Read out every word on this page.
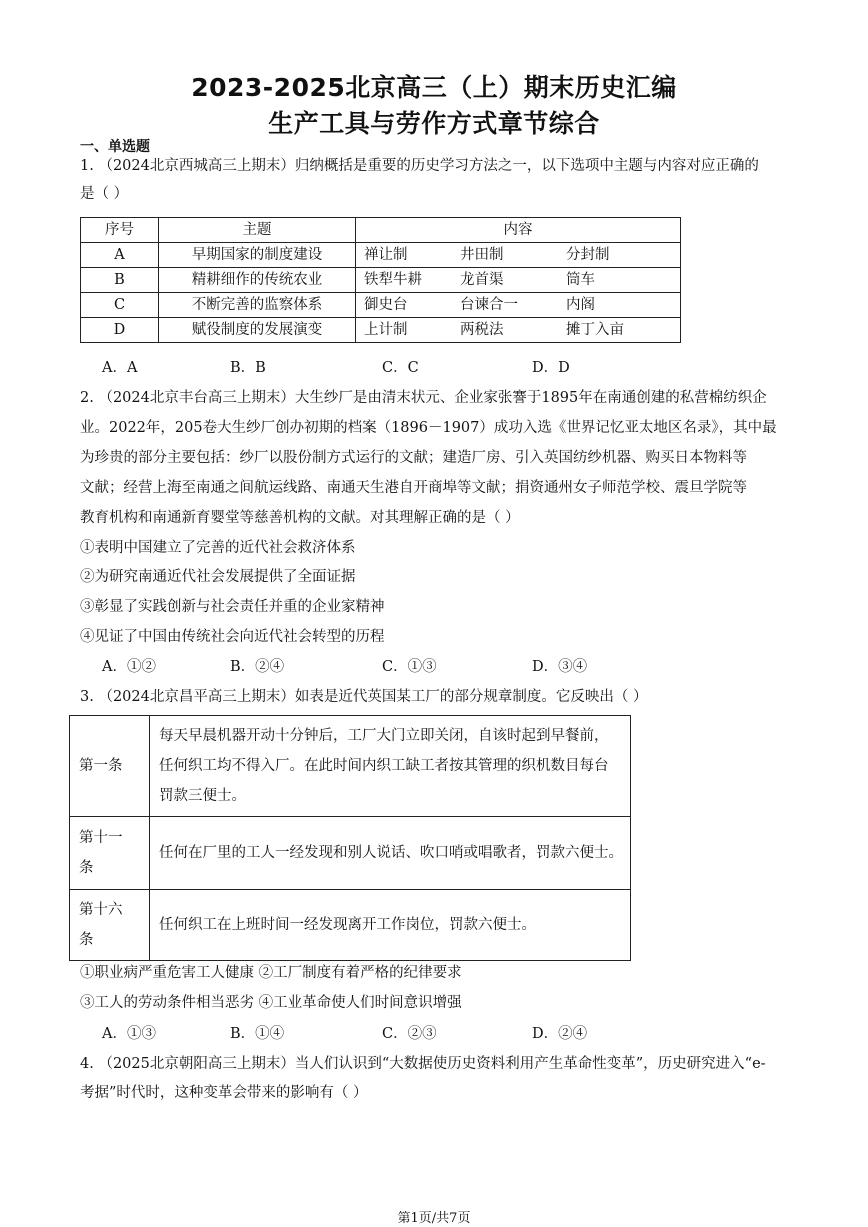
2023-2025北京高三（上）期末历史汇编
生产工具与劳作方式章节综合
一、单选题
1. （2024北京西城高三上期末）归纳概括是重要的历史学习方法之一，以下选项中主题与内容对应正确的
是（ ）
序号	主题	内容
A	早期国家的制度建设	禅让制 井田制 分封制

B	精耕细作的传统农业	铁犁牛耕 龙首渠 筒车

C	不断完善的监察体系	御史台 台谏合一 内阁

D	赋役制度的发展演变	上计制 两税法 摊丁入亩
A．A	B．B	C．C	D．D
2. （2024北京丰台高三上期末）大生纱厂是由清末状元、企业家张謇于1895年在南通创建的私营棉纺织企
业。2022年，205卷大生纱厂创办初期的档案（1896－1907）成功入选《世界记忆亚太地区名录》，其中最
为珍贵的部分主要包括：纱厂以股份制方式运行的文献；建造厂房、引入英国纺纱机器、购买日本物料等
文献；经营上海至南通之间航运线路、南通天生港自开商埠等文献；捐资通州女子师范学校、震旦学院等
教育机构和南通新育婴堂等慈善机构的文献。对其理解正确的是（ ）
①表明中国建立了完善的近代社会救济体系
②为研究南通近代社会发展提供了全面证据
③彰显了实践创新与社会责任并重的企业家精神
④见证了中国由传统社会向近代社会转型的历程
A．①②	B．②④	C．①③	D．③④
3. （2024北京昌平高三上期末）如表是近代英国某工厂的部分规章制度。它反映出（ ）
第一条	每天早晨机器开动十分钟后，工厂大门立即关闭，自该时起到早餐前，
任何织工均不得入厂。在此时间内织工缺工者按其管理的织机数目每台
罚款三便士。

第十一
条	任何在厂里的工人一经发现和别人说话、吹口哨或唱歌者，罚款六便士。

第十六
条	任何织工在上班时间一经发现离开工作岗位，罚款六便士。
①职业病严重危害工人健康 ②工厂制度有着严格的纪律要求
③工人的劳动条件相当恶劣 ④工业革命使人们时间意识增强
A．①③	B．①④	C．②③	D．②④
4. （2025北京朝阳高三上期末）当人们认识到“大数据使历史资料利用产生革命性变革”，历史研究进入“e-
考据”时代时，这种变革会带来的影响有（ ）
第1页/共7页
